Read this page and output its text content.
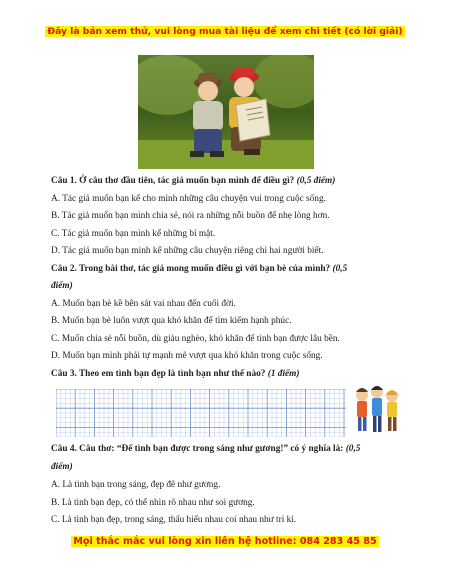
Đây là bản xem thử, vui lòng mua tài liệu để xem chi tiết (có lời giải)
Câu 1. Ở câu thơ đầu tiên, tác giả muốn bạn mình để điều gì? (0,5 điểm)
A. Tác giả muốn bạn kể cho mình những câu chuyện vui trong cuộc sống.
B. Tác giả muốn bạn mình chia sẻ, nói ra những nỗi buồn để nhẹ lòng hơn.
C. Tác giả muốn bạn mình kể những bí mật.
D. Tác giả muốn bạn mình kể những câu chuyện riêng chỉ hai người biết.
Câu 2. Trong bài thơ, tác giả mong muốn điều gì với bạn bè của mình? (0,5
điểm)
A. Muốn bạn bè kề bên sát vai nhau đến cuối đời.
B. Muốn bạn bè luôn vượt qua khó khăn để tìm kiếm hạnh phúc.
C. Muốn chia sẻ nỗi buồn, dù giàu nghèo, khó khăn để tình bạn được lâu bền.
D. Muốn bạn mình phải tự mạnh mẽ vượt qua khó khăn trong cuộc sống.
Câu 3. Theo em tình bạn đẹp là tình bạn như thế nào? (1 điểm)
Câu 4. Câu thơ: “Để tình bạn được trong sáng như gương!” có ý nghĩa là: (0,5
điểm)
A. Là tình bạn trong sáng, đẹp đẽ như gương.
B. Là tình bạn đẹp, có thể nhìn rõ nhau như soi gương.
C. Là tình bạn đẹp, trong sáng, thấu hiểu nhau coi nhau như tri kỉ.
Mọi thắc mắc vui lòng xin liên hệ hotline: 084 283 45 85
